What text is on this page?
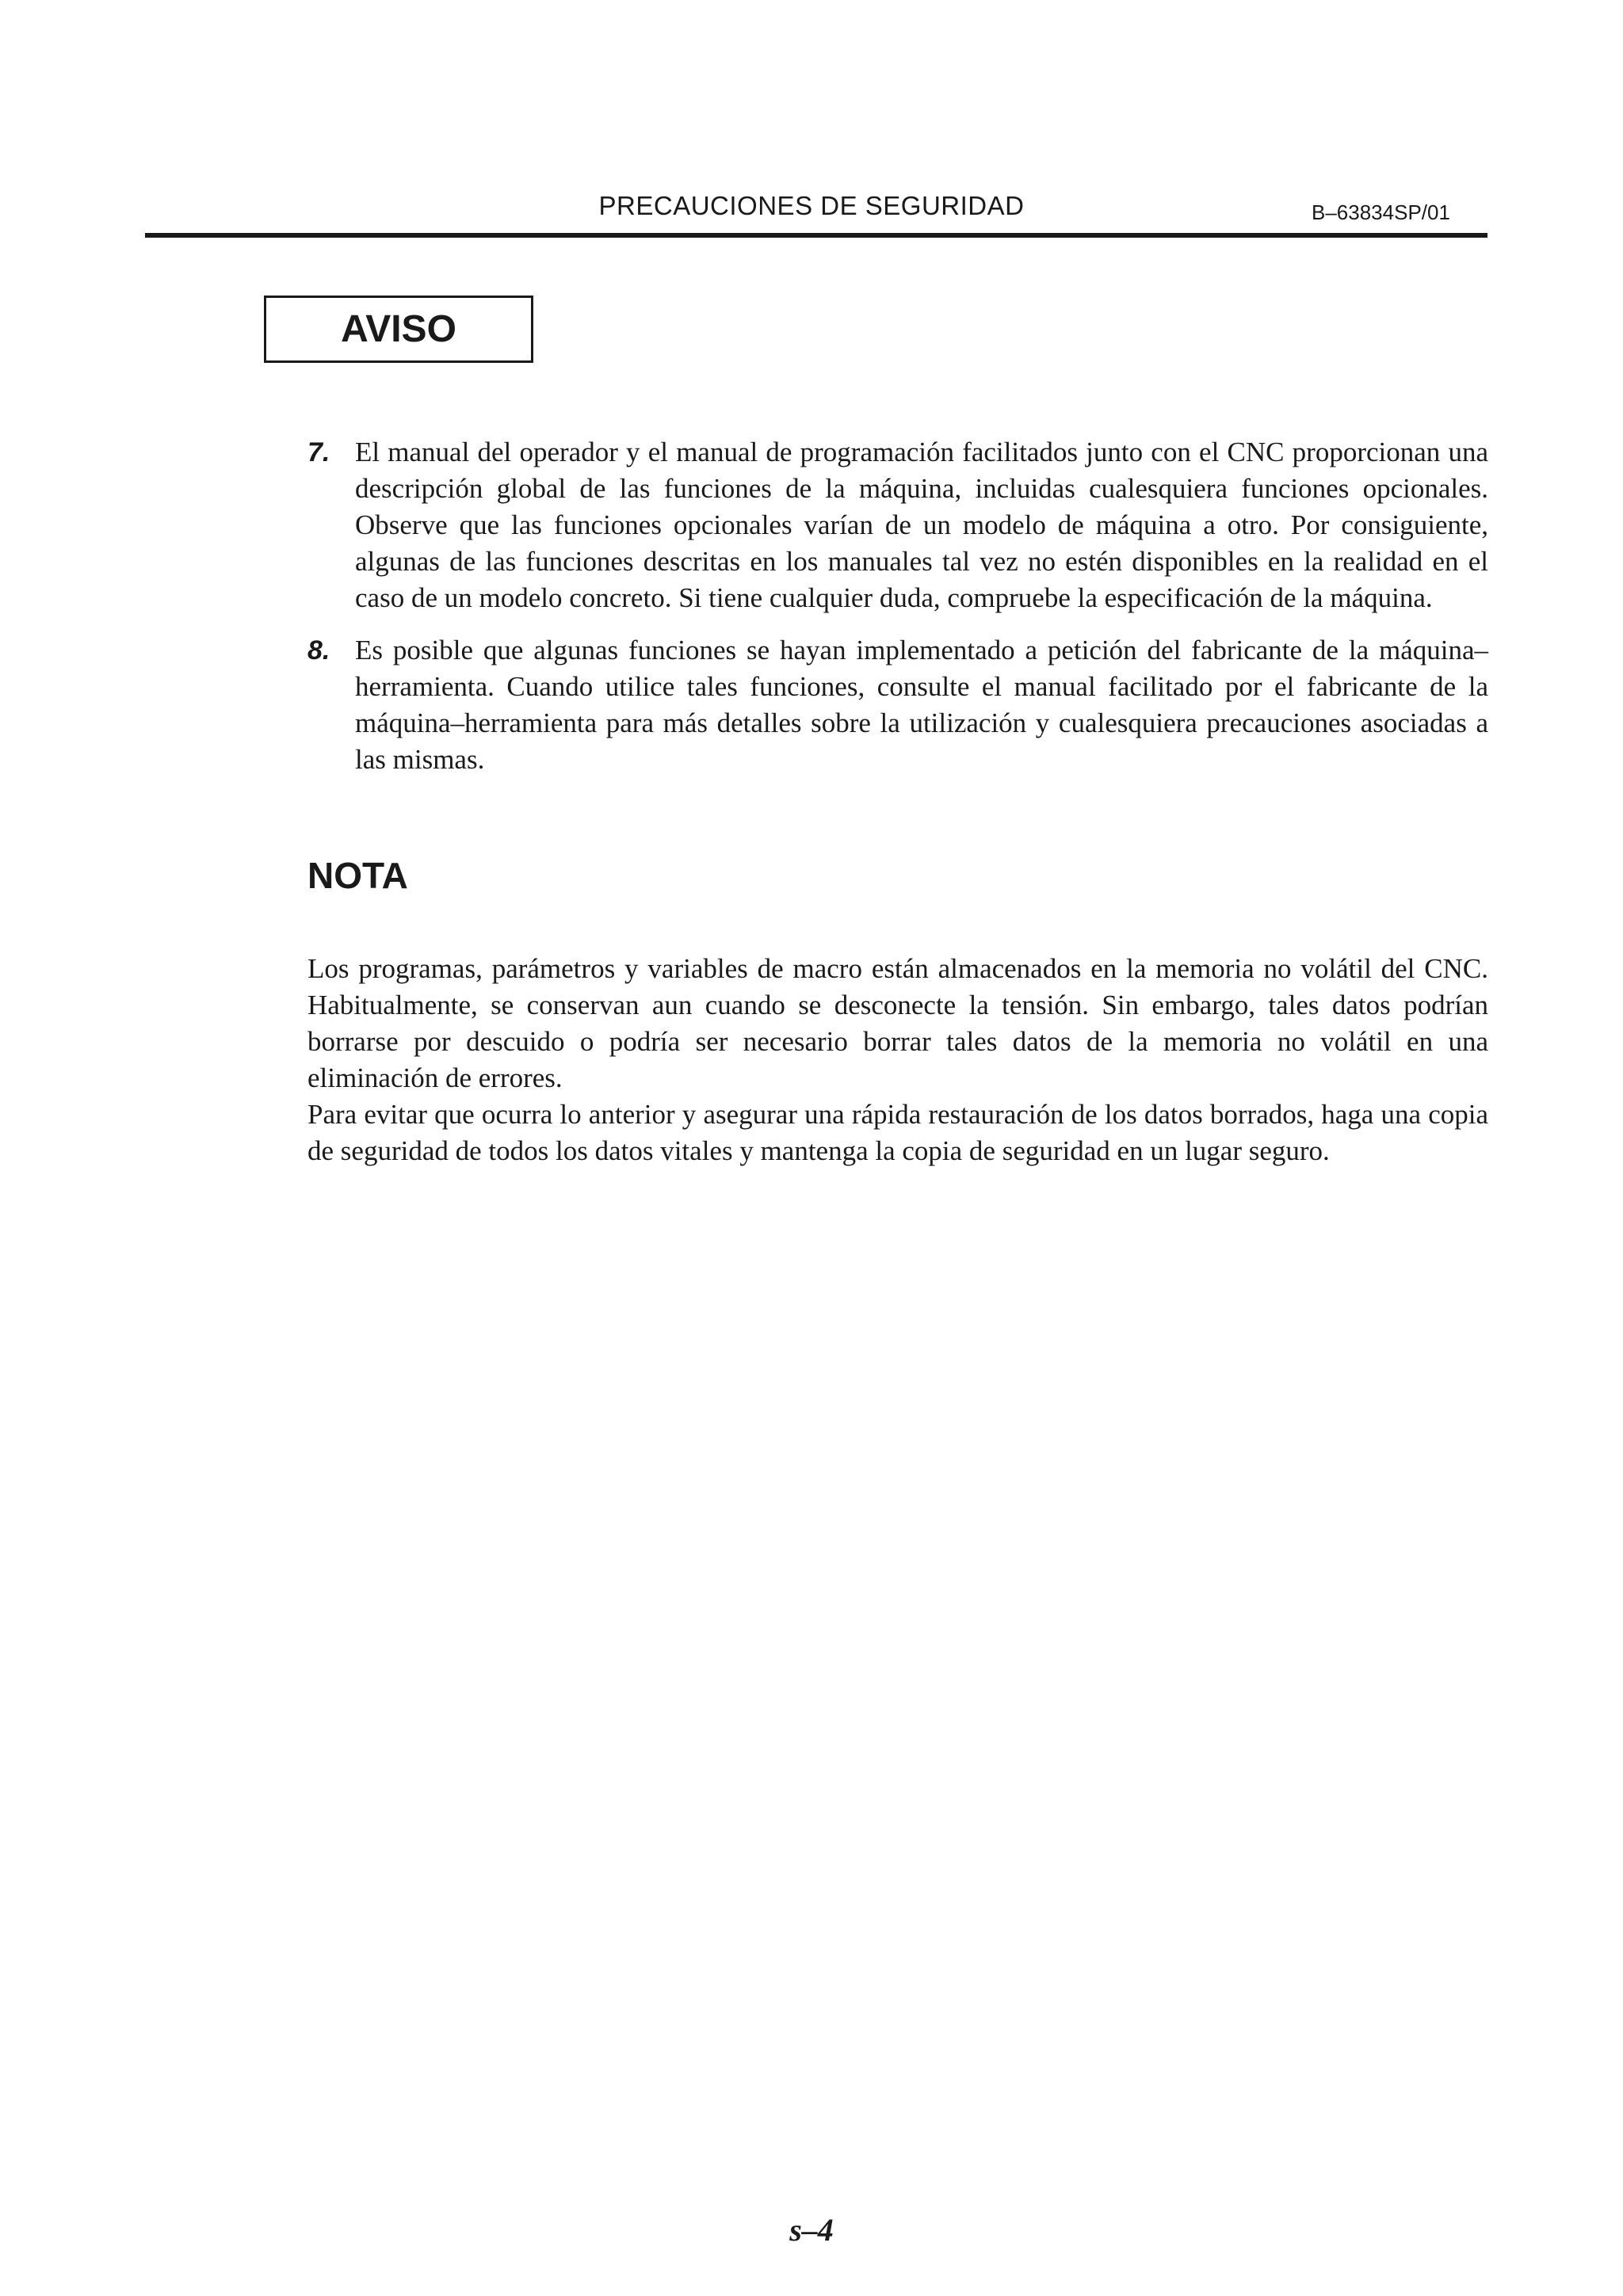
PRECAUCIONES DE SEGURIDAD	B–63834SP/01
AVISO
7. El manual del operador y el manual de programación facilitados junto con el CNC proporcionan una descripción global de las funciones de la máquina, incluidas cualesquiera funciones opcionales. Observe que las funciones opcionales varían de un modelo de máquina a otro. Por consiguiente, algunas de las funciones descritas en los manuales tal vez no estén disponibles en la realidad en el caso de un modelo concreto. Si tiene cualquier duda, compruebe la especificación de la máquina.
8. Es posible que algunas funciones se hayan implementado a petición del fabricante de la máquina–herramienta. Cuando utilice tales funciones, consulte el manual facilitado por el fabricante de la máquina–herramienta para más detalles sobre la utilización y cualesquiera precauciones asociadas a las mismas.
NOTA

Los programas, parámetros y variables de macro están almacenados en la memoria no volátil del CNC. Habitualmente, se conservan aun cuando se desconecte la tensión. Sin embargo, tales datos podrían borrarse por descuido o podría ser necesario borrar tales datos de la memoria no volátil en una eliminación de errores.

Para evitar que ocurra lo anterior y asegurar una rápida restauración de los datos borrados, haga una copia de seguridad de todos los datos vitales y mantenga la copia de seguridad en un lugar seguro.

s–4
